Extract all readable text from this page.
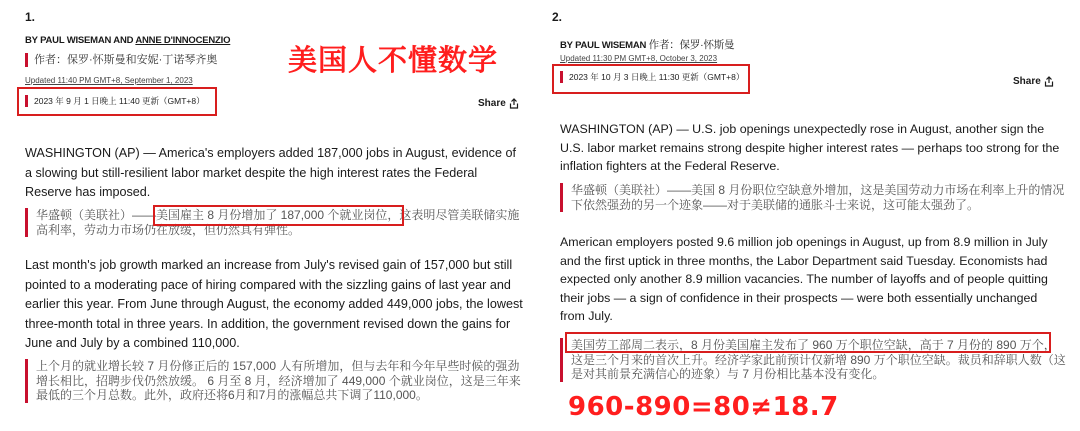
1.
BY PAUL WISEMAN AND ANNE D'INNOCENZIO
作者：保罗·怀斯曼和安妮·丁诺琴齐奥
Updated 11:40 PM GMT+8, September 1, 2023
2023 年 9 月 1 日晚上 11:40 更新（GMT+8）	Share
美国人不懂数学
WASHINGTON (AP) — America's employers added 187,000 jobs in August, evidence of a slowing but still-resilient labor market despite the high interest rates the Federal Reserve has imposed.
华盛顿（美联社）——美国雇主 8 月份增加了 187,000 个就业岗位，这表明尽管美联储实施高利率，劳动力市场仍在放缓，但仍然具有弹性。
Last month's job growth marked an increase from July's revised gain of 157,000 but still pointed to a moderating pace of hiring compared with the sizzling gains of last year and earlier this year. From June through August, the economy added 449,000 jobs, the lowest three-month total in three years. In addition, the government revised down the gains for June and July by a combined 110,000.
上个月的就业增长较 7 月份修正后的 157,000 人有所增加，但与去年和今年早些时候的强劲增长相比，招聘步伐仍然放缓。 6 月至 8 月，经济增加了 449,000 个就业岗位，这是三年来最低的三个月总数。此外，政府还将6月和7月的涨幅总共下调了110,000。
2.
BY PAUL WISEMAN 作者：保罗·怀斯曼
Updated 11:30 PM GMT+8, October 3, 2023
2023 年 10 月 3 日晚上 11:30 更新（GMT+8）	Share
WASHINGTON (AP) — U.S. job openings unexpectedly rose in August, another sign the U.S. labor market remains strong despite higher interest rates — perhaps too strong for the inflation fighters at the Federal Reserve.
华盛顿（美联社）——美国 8 月份职位空缺意外增加，这是美国劳动力市场在利率上升的情况下依然强劲的另一个迹象——对于美联储的通胀斗士来说，这可能太强劲了。
American employers posted 9.6 million job openings in August, up from 8.9 million in July and the first uptick in three months, the Labor Department said Tuesday. Economists had expected only another 8.9 million vacancies. The number of layoffs and of people quitting their jobs — a sign of confidence in their prospects — were both essentially unchanged from July.
美国劳工部周二表示，8 月份美国雇主发布了 960 万个职位空缺，高于 7 月份的 890 万个，这是三个月来的首次上升。经济学家此前预计仅新增 890 万个职位空缺。裁员和辞职人数（这是对其前景充满信心的迹象）与 7 月份相比基本没有变化。
960-890=80≠18.7
